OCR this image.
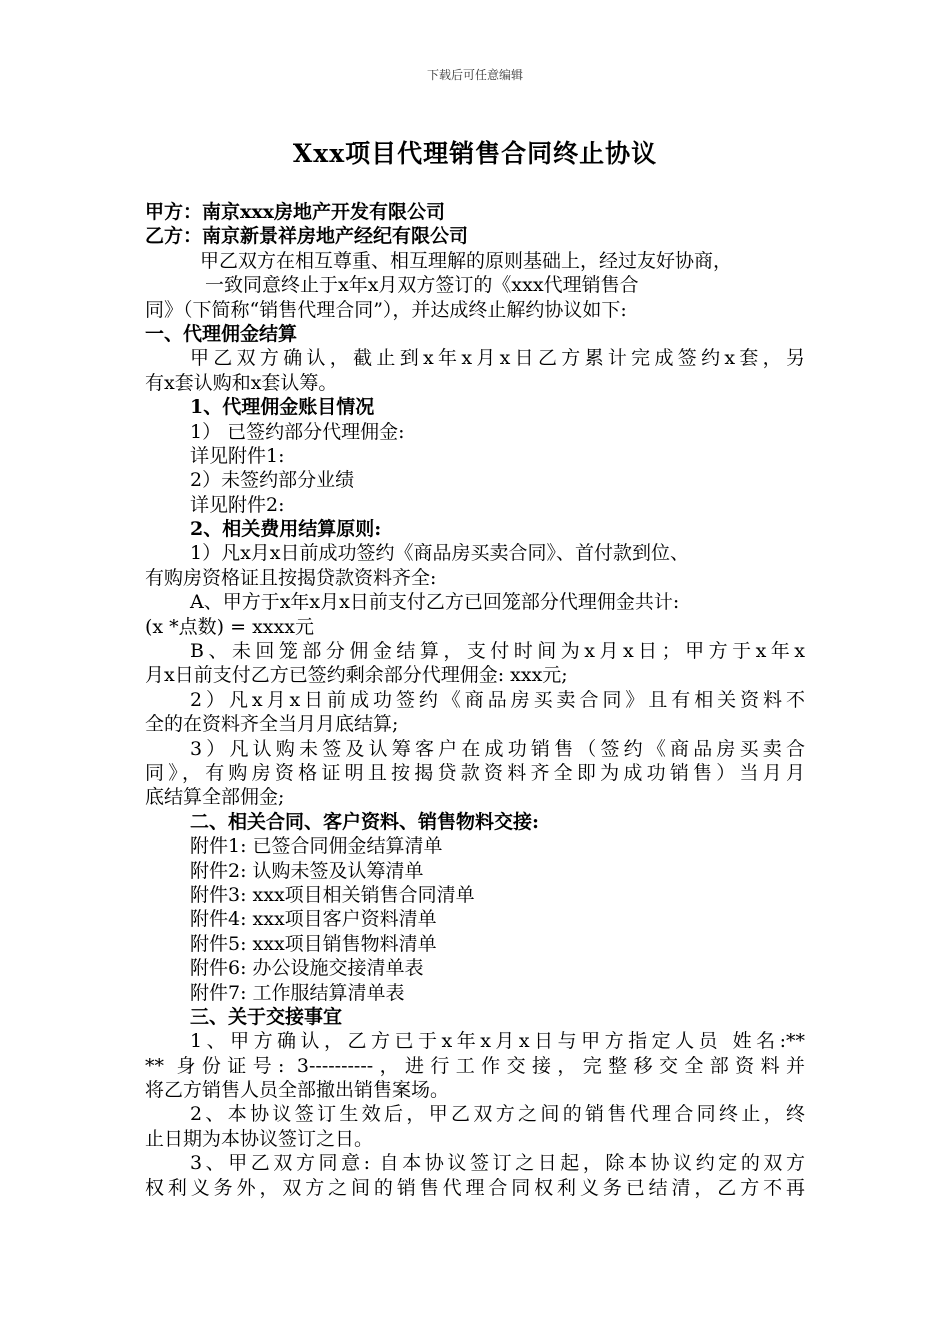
下载后可任意编辑
Xxx项目代理销售合同终止协议
甲方：南京xxx房地产开发有限公司
乙方：南京新景祥房地产经纪有限公司
甲乙双方在相互尊重、相互理解的原则基础上，经过友好协商，
一致同意终止于x年x月双方签订的《xxx代理销售合
同》（下简称“销售代理合同”），并达成终止解约协议如下:
一、代理佣金结算
甲乙双方确认，截止到x年x月x日乙方累计完成签约x套，另
有x套认购和x套认筹。
1、代理佣金账目情况
1） 已签约部分代理佣金:
详见附件1:
2）未签约部分业绩
详见附件2:
2、相关费用结算原则:
1）凡x月x日前成功签约《商品房买卖合同》、首付款到位、
有购房资格证且按揭贷款资料齐全:
A、甲方于x年x月x日前支付乙方已回笼部分代理佣金共计:
(x *点数) = xxxx元
B、未回笼部分佣金结算，支付时间为x月x日；甲方于x年x
月x日前支付乙方已签约剩余部分代理佣金: xxx元;
2）凡x月x日前成功签约《商品房买卖合同》且有相关资料不
全的在资料齐全当月月底结算;
3）凡认购未签及认筹客户在成功销售（签约《商品房买卖合
同》，有购房资格证明且按揭贷款资料齐全即为成功销售）当月月
底结算全部佣金;
二、相关合同、客户资料、销售物料交接:
附件1: 已签合同佣金结算清单
附件2: 认购未签及认筹清单
附件3: xxx项目相关销售合同清单
附件4: xxx项目客户资料清单
附件5: xxx项目销售物料清单
附件6: 办公设施交接清单表
附件7: 工作服结算清单表
三、关于交接事宜
1、甲方确认，乙方已于x年x月x日与甲方指定人员 姓名:**
** 身份证号: 3----------，进行工作交接，完整移交全部资料并
将乙方销售人员全部撤出销售案场。
2、本协议签订生效后，甲乙双方之间的销售代理合同终止，终
止日期为本协议签订之日。
3、甲乙双方同意: 自本协议签订之日起，除本协议约定的双方
权利义务外，双方之间的销售代理合同权利义务已结清，乙方不再
